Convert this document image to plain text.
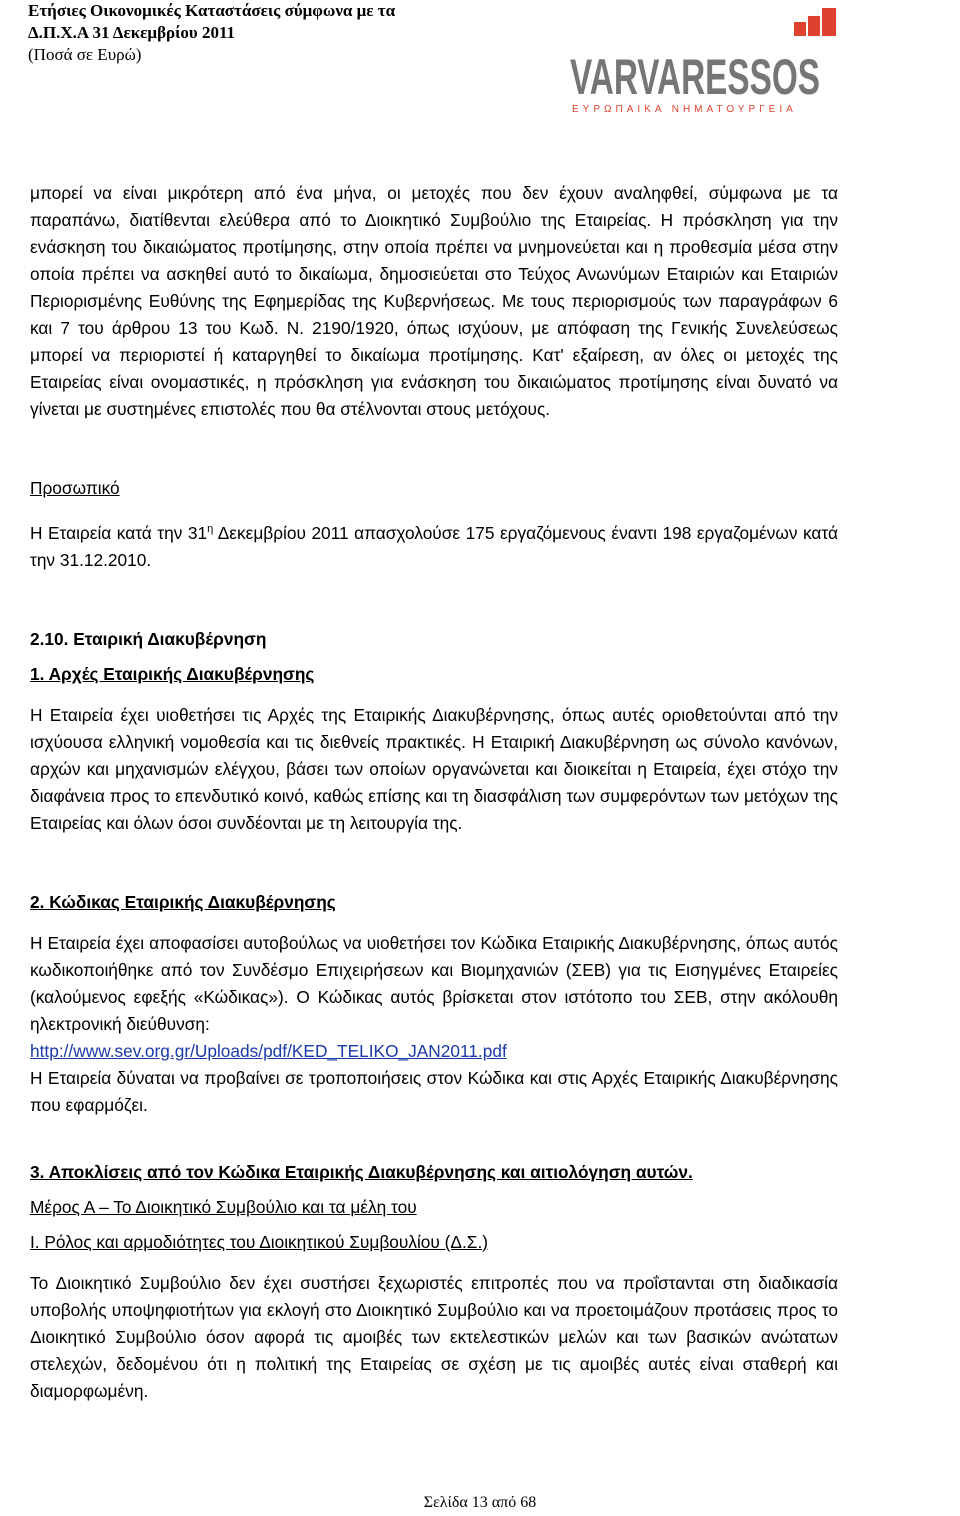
Ετήσιες Οικονομικές Καταστάσεις σύμφωνα με τα
Δ.Π.Χ.Α 31 Δεκεμβρίου 2011
(Ποσά σε Ευρώ)	VARVARESSOS
ΕΥΡΩΠΑΙΚΑ ΝΗΜΑΤΟΥΡΓΕΙΑ

μπορεί να είναι μικρότερη από ένα μήνα, οι μετοχές που δεν έχουν αναληφθεί, σύμφωνα με τα παραπάνω, διατίθενται ελεύθερα από το Διοικητικό Συμβούλιο της Εταιρείας. Η πρόσκληση για την ενάσκηση του δικαιώματος προτίμησης, στην οποία πρέπει να μνημονεύεται και η προθεσμία μέσα στην οποία πρέπει να ασκηθεί αυτό το δικαίωμα, δημοσιεύεται στο Τεύχος Ανωνύμων Εταιριών και Εταιριών Περιορισμένης Ευθύνης της Εφημερίδας της Κυβερνήσεως. Με τους περιορισμούς των παραγράφων 6 και 7 του άρθρου 13 του Κωδ. Ν. 2190/1920, όπως ισχύουν, με απόφαση της Γενικής Συνελεύσεως μπορεί να περιοριστεί ή καταργηθεί το δικαίωμα προτίμησης. Κατ' εξαίρεση, αν όλες οι μετοχές της Εταιρείας είναι ονομαστικές, η πρόσκληση για ενάσκηση του δικαιώματος προτίμησης είναι δυνατό να γίνεται με συστημένες επιστολές που θα στέλνονται στους μετόχους.

Προσωπικό

Η Εταιρεία κατά την $31^\eta$ Δεκεμβρίου 2011 απασχολούσε 175 εργαζόμενους έναντι 198 εργαζομένων κατά την 31.12.2010.

2.10. Εταιρική Διακυβέρνηση

1. Αρχές Εταιρικής Διακυβέρνησης

Η Εταιρεία έχει υιοθετήσει τις Αρχές της Εταιρικής Διακυβέρνησης, όπως αυτές οριοθετούνται από την ισχύουσα ελληνική νομοθεσία και τις διεθνείς πρακτικές. Η Εταιρική Διακυβέρνηση ως σύνολο κανόνων, αρχών και μηχανισμών ελέγχου, βάσει των οποίων οργανώνεται και διοικείται η Εταιρεία, έχει στόχο την διαφάνεια προς το επενδυτικό κοινό, καθώς επίσης και τη διασφάλιση των συμφερόντων των μετόχων της Εταιρείας και όλων όσοι συνδέονται με τη λειτουργία της.

2. Κώδικας Εταιρικής Διακυβέρνησης

Η Εταιρεία έχει αποφασίσει αυτοβούλως να υιοθετήσει τον Κώδικα Εταιρικής Διακυβέρνησης, όπως αυτός κωδικοποιήθηκε από τον Συνδέσμο Επιχειρήσεων και Βιομηχανιών (ΣΕΒ) για τις Εισηγμένες Εταιρείες (καλούμενος εφεξής «Κώδικας»). Ο Κώδικας αυτός βρίσκεται στον ιστότοπο του ΣΕΒ, στην ακόλουθη ηλεκτρονική διεύθυνση:

http://www.sev.org.gr/Uploads/pdf/KED_TELIKO_JAN2011.pdf

Η Εταιρεία δύναται να προβαίνει σε τροποποιήσεις στον Κώδικα και στις Αρχές Εταιρικής Διακυβέρνησης που εφαρμόζει.

3. Αποκλίσεις από τον Κώδικα Εταιρικής Διακυβέρνησης και αιτιολόγηση αυτών.

Μέρος Α – Το Διοικητικό Συμβούλιο και τα μέλη του

Ι. Ρόλος και αρμοδιότητες του Διοικητικού Συμβουλίου (Δ.Σ.)

Το Διοικητικό Συμβούλιο δεν έχει συστήσει ξεχωριστές επιτροπές που να προΐστανται στη διαδικασία υποβολής υποψηφιοτήτων για εκλογή στο Διοικητικό Συμβούλιο και να προετοιμάζουν προτάσεις προς το Διοικητικό Συμβούλιο όσον αφορά τις αμοιβές των εκτελεστικών μελών και των βασικών ανώτατων στελεχών, δεδομένου ότι η πολιτική της Εταιρείας σε σχέση με τις αμοιβές αυτές είναι σταθερή και διαμορφωμένη.

Σελίδα 13 από 68
